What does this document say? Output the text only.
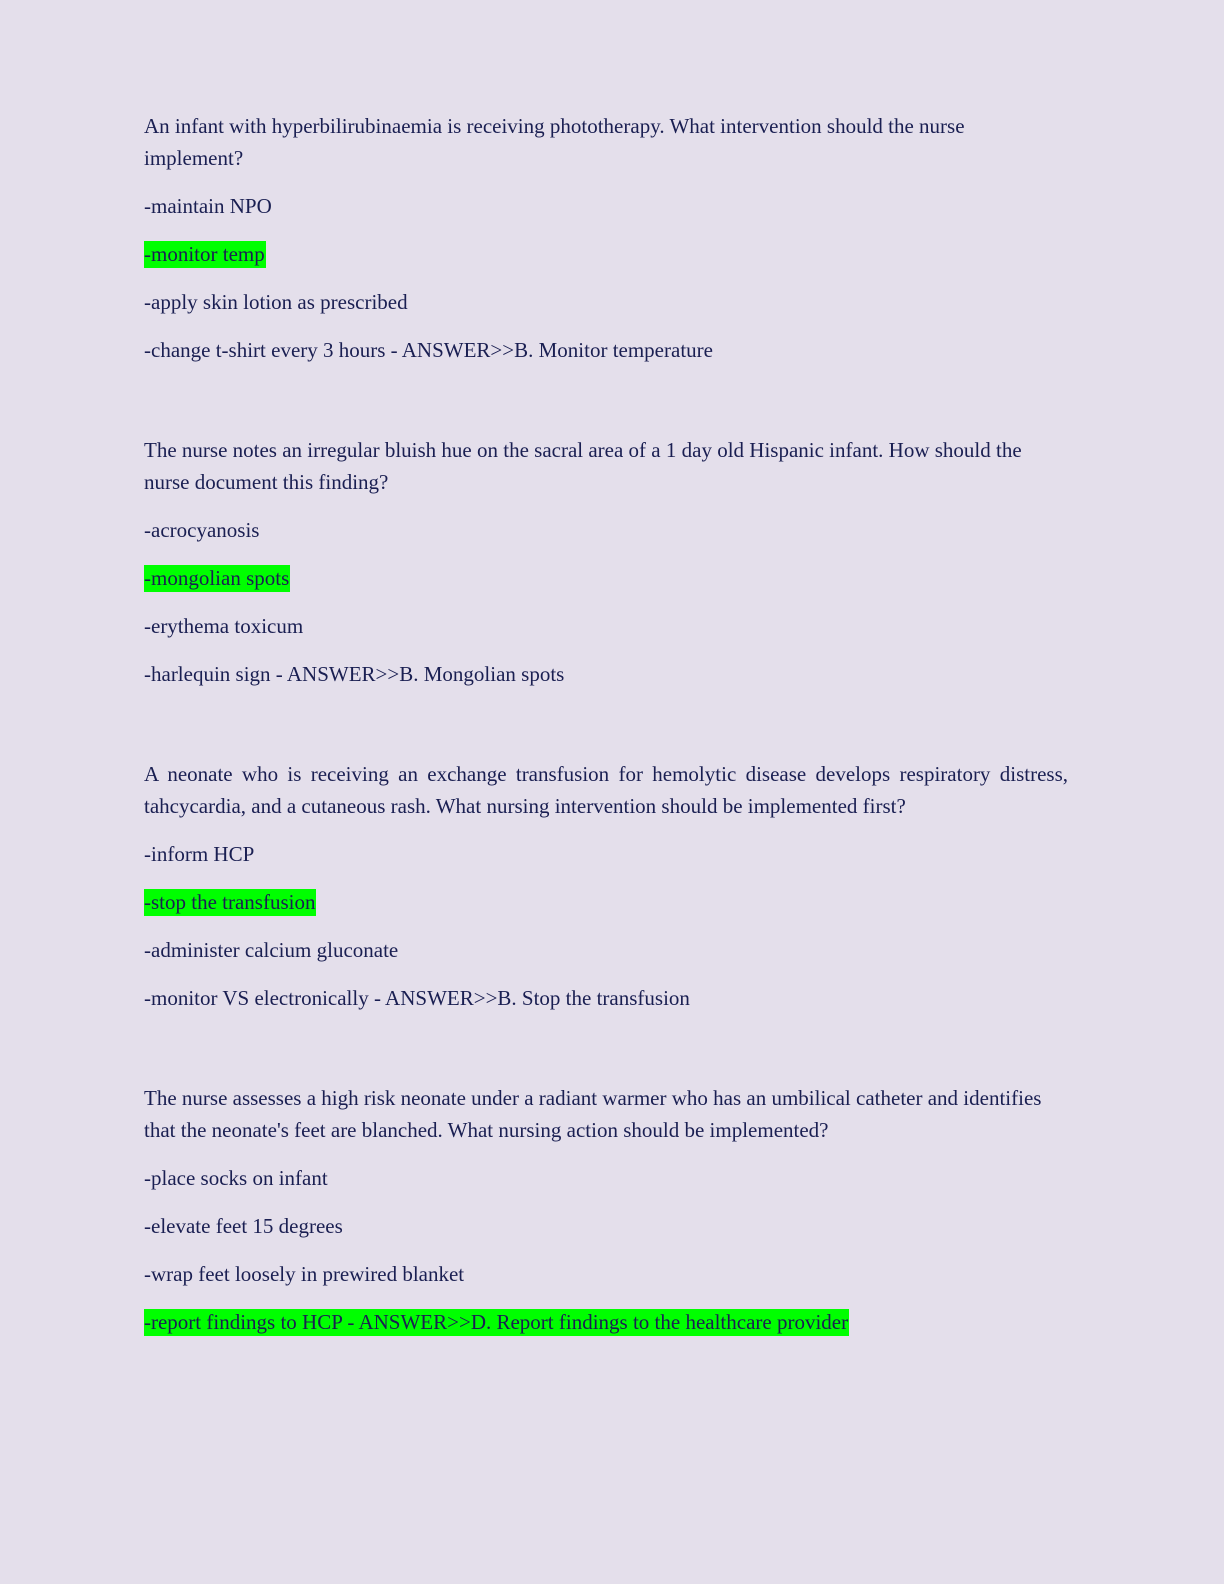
An infant with hyperbilirubinaemia is receiving phototherapy. What intervention should the nurse implement?
-maintain NPO
-monitor temp
-apply skin lotion as prescribed
-change t-shirt every 3 hours - ANSWER>>B. Monitor temperature
The nurse notes an irregular bluish hue on the sacral area of a 1 day old Hispanic infant. How should the nurse document this finding?
-acrocyanosis
-mongolian spots
-erythema toxicum
-harlequin sign - ANSWER>>B. Mongolian spots
A neonate who is receiving an exchange transfusion for hemolytic disease develops respiratory distress, tahcycardia, and a cutaneous rash. What nursing intervention should be implemented first?
-inform HCP
-stop the transfusion
-administer calcium gluconate
-monitor VS electronically - ANSWER>>B. Stop the transfusion
The nurse assesses a high risk neonate under a radiant warmer who has an umbilical catheter and identifies that the neonate's feet are blanched. What nursing action should be implemented?
-place socks on infant
-elevate feet 15 degrees
-wrap feet loosely in prewired blanket
-report findings to HCP - ANSWER>>D. Report findings to the healthcare provider
